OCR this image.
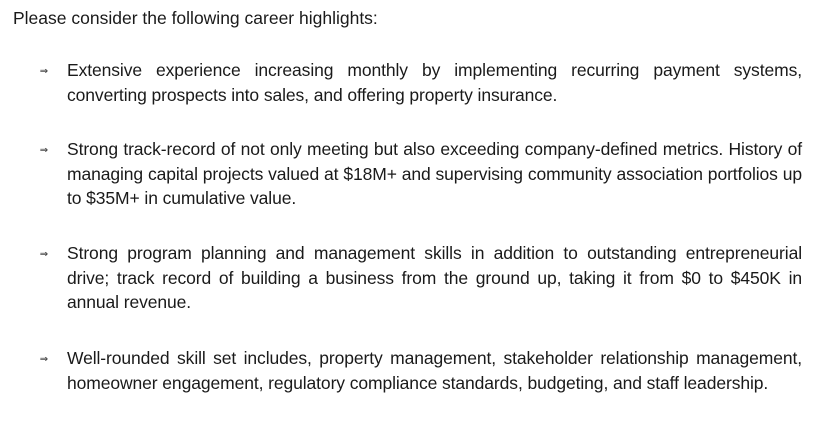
Please consider the following career highlights:
⇒ Extensive experience increasing monthly by implementing recurring payment systems, converting prospects into sales, and offering property insurance.
⇒ Strong track-record of not only meeting but also exceeding company-defined metrics. History of managing capital projects valued at $18M+ and supervising community association portfolios up to $35M+ in cumulative value.
⇒ Strong program planning and management skills in addition to outstanding entrepreneurial drive; track record of building a business from the ground up, taking it from $0 to $450K in annual revenue.
⇒ Well-rounded skill set includes, property management, stakeholder relationship management, homeowner engagement, regulatory compliance standards, budgeting, and staff leadership.
